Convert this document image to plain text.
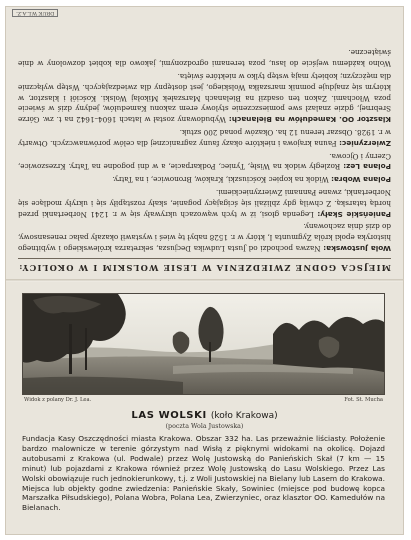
MIEJSCA GODNE ZWIEDZENIA W LESIE WOLSKIM I W OKOLICY:

Wola Justowska: Nazwa pochodzi od Justa Ludwika Decjusza, sekretarza królewskiego i wybitnego historyka epoki króla Zygmunta I, który w r. 1528 nabył tę wieś i wystawił okazały pałac renesansowy, do dziś dnia zachowany.

Panieńskie Skały: Legenda głosi, iż w tych wąwozach ukrywały się w r. 1241 Norbertanki przed hordą tatarską. Z chwilą gdy zbliżali się ścigający poganie, skały rozstąpiły się i ukryły modlące się Norbertanki, zwane Pannami Zwierzynieckiemi.

Polana Wobra: Widok na kopiec Kościuszki, Kraków, Bronowice, i na Tatry.

Polana Lez: Rozległy widok na Wisłę, Tyniec, Podkarpacie, a w dni pogodne na Tatry. Krzeszowice, Czerny i Ojcowa.

Zwierzyniec: Fauna krajowa i niektóre okazy fauny zagranicznej dla celów porównawczych. Otwarty w r. 1928. Obszar terenu 12 ha. Okazów ponad 200 sztuk.

Klasztor OO. Kamedułów na Bielanach: Wybudowany został w latach 1604–1642 na t. zw. Górze Srebrnej, gdzie znalazł swe pomieszczenie stylowy erem zakonu Kamedułów, jedyny dziś w świecie poza Włochami. Zakon ten osadził na Bielanach Marszałek Mikołaj Wolski. Kościół i klasztor, w którym się znajduje pomnik marszałka Wolskiego, jest dostępny dla zwiedzających. Wstęp wyłącznie dla mężczyzn; kobiety mają wstęp tylko w niektóre święta.

Wolno każdemu wejście do lasu, poza terenami ogrodzonymi, jakowo dla kobiet dozwolony w dnie świąteczne.

DRUK W.L.A.Z.
Widok z polany Dr. J. Lea.	Fot. St. Mucha
LAS WOLSKI (koło Krakowa)
(poczta Wola Justowska)
Fundacja Kasy Oszczędności miasta Krakowa. Obszar 332 ha. Las przeważnie liściasty. Położenie bardzo malownicze w terenie górzystym nad Wisłą z pięknymi widokami na okolicę. Dojazd autobusami z Krakowa (ul. Podwale) przez Wolę Justowską do Panieńskich Skał (7 km — 15 minut) lub pojazdami z Krakowa również przez Wolę Justowską do Lasu Wolskiego. Przez Las Wolski obowiązuje ruch jednokierunkowy, t.j. z Woli Justowskiej na Bielany lub Lasem do Krakowa. Miejsca lub objekty godne zwiedzenia: Panieńskie Skały, Sowiniec (miejsce pod budowę kopca Marszałka Piłsudskiego), Polana Wobra, Polana Lea, Zwierzyniec, oraz klasztor OO. Kamedułów na Bielanach.
